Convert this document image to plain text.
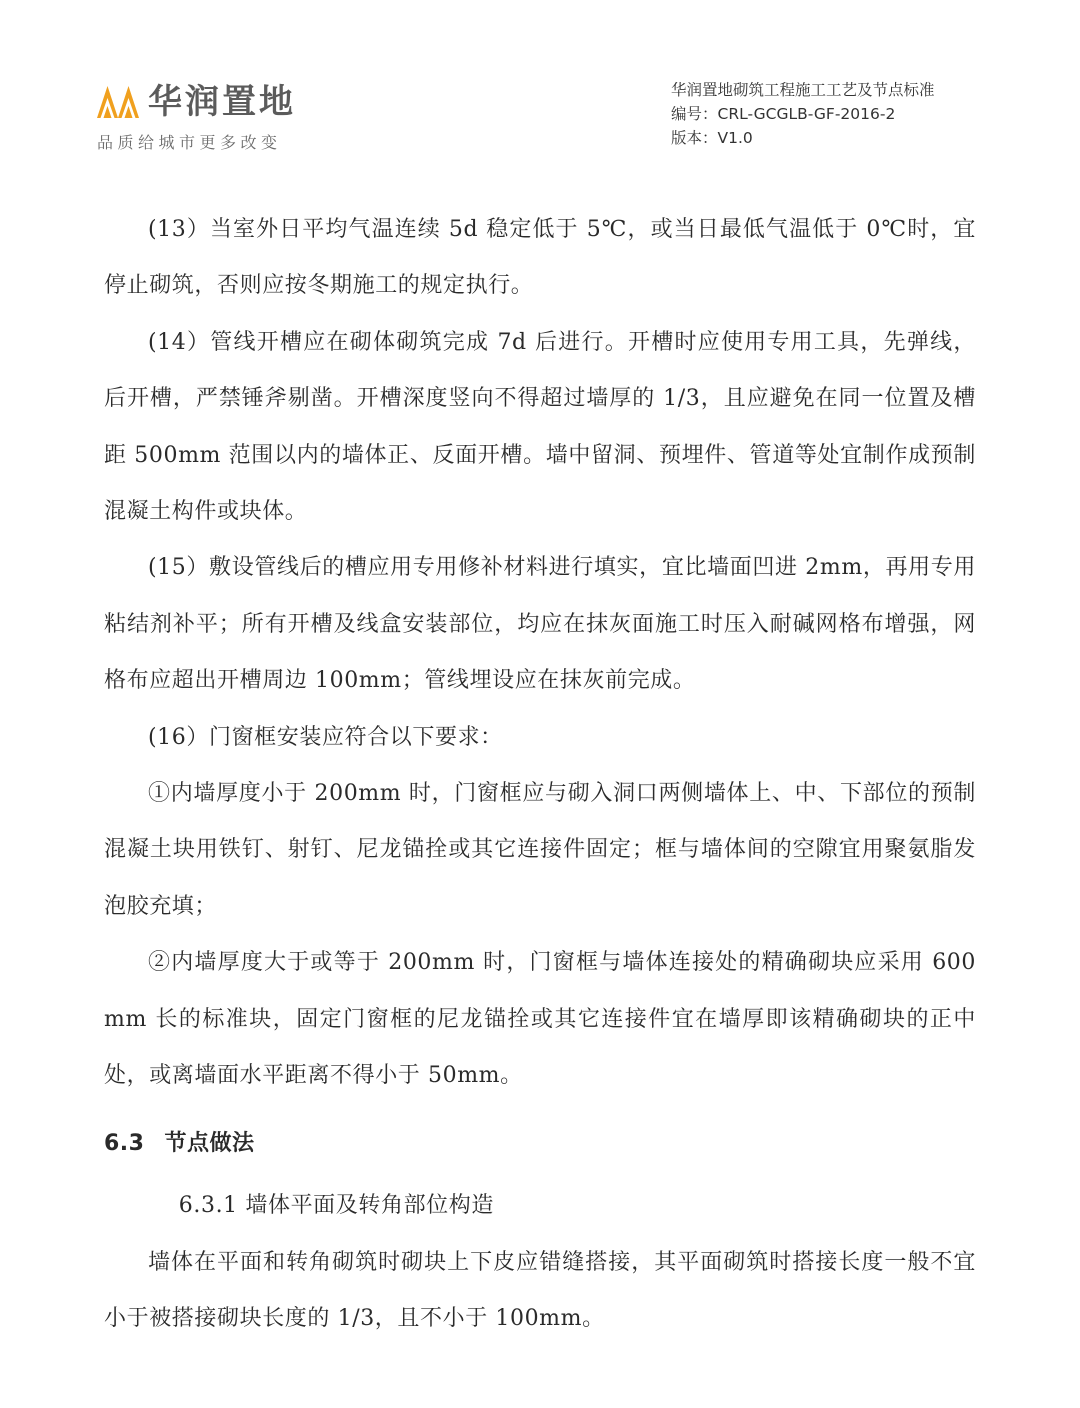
华润置地
品质给城市更多改变
华润置地砌筑工程施工工艺及节点标准
编号：CRL-GCGLB-GF-2016-2
版本：V1.0

(13）当室外日平均气温连续 5d 稳定低于 5℃，或当日最低气温低于 0℃时，宜停止砌筑，否则应按冬期施工的规定执行。

(14）管线开槽应在砌体砌筑完成 7d 后进行。开槽时应使用专用工具，先弹线，后开槽，严禁锤斧剔凿。开槽深度竖向不得超过墙厚的 1/3，且应避免在同一位置及槽距 500mm 范围以内的墙体正、反面开槽。墙中留洞、预埋件、管道等处宜制作成预制混凝土构件或块体。

(15）敷设管线后的槽应用专用修补材料进行填实，宜比墙面凹进 2mm，再用专用粘结剂补平；所有开槽及线盒安装部位，均应在抹灰面施工时压入耐碱网格布增强，网格布应超出开槽周边 100mm；管线埋设应在抹灰前完成。

(16）门窗框安装应符合以下要求：

①内墙厚度小于 200mm 时，门窗框应与砌入洞口两侧墙体上、中、下部位的预制混凝土块用铁钉、射钉、尼龙锚拴或其它连接件固定；框与墙体间的空隙宜用聚氨脂发泡胶充填；

②内墙厚度大于或等于 200mm 时，门窗框与墙体连接处的精确砌块应采用 600 mm 长的标准块，固定门窗框的尼龙锚拴或其它连接件宜在墙厚即该精确砌块的正中处，或离墙面水平距离不得小于 50mm。

6.3 节点做法

6.3.1 墙体平面及转角部位构造

墙体在平面和转角砌筑时砌块上下皮应错缝搭接，其平面砌筑时搭接长度一般不宜小于被搭接砌块长度的 1/3，且不小于 100mm。
